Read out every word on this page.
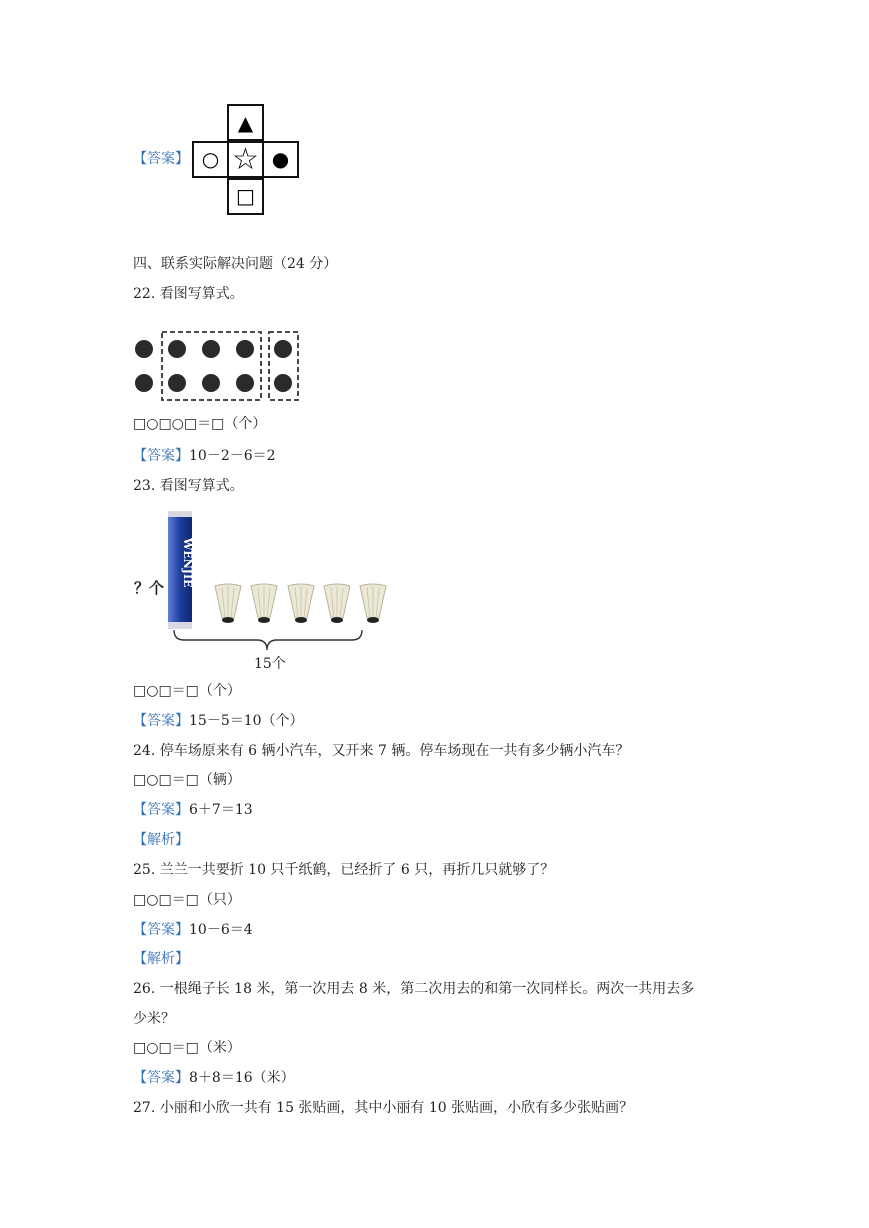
【答案】
▲
○ ☆ ●
□
四、联系实际解决问题（24 分）
22. 看图写算式。
□○□○□＝□（个）
【答案】10－2－6＝2
23. 看图写算式。
？个
WENJIE
15个
□○□＝□（个）
【答案】15－5＝10（个）
24. 停车场原来有 6 辆小汽车，又开来 7 辆。停车场现在一共有多少辆小汽车？
□○□＝□（辆）
【答案】6＋7＝13
【解析】
25. 兰兰一共要折 10 只千纸鹤，已经折了 6 只，再折几只就够了？
□○□＝□（只）
【答案】10－6＝4
【解析】
26. 一根绳子长 18 米，第一次用去 8 米，第二次用去的和第一次同样长。两次一共用去多
少米？
□○□＝□（米）
【答案】8＋8＝16（米）
27. 小丽和小欣一共有 15 张贴画，其中小丽有 10 张贴画，小欣有多少张贴画？
